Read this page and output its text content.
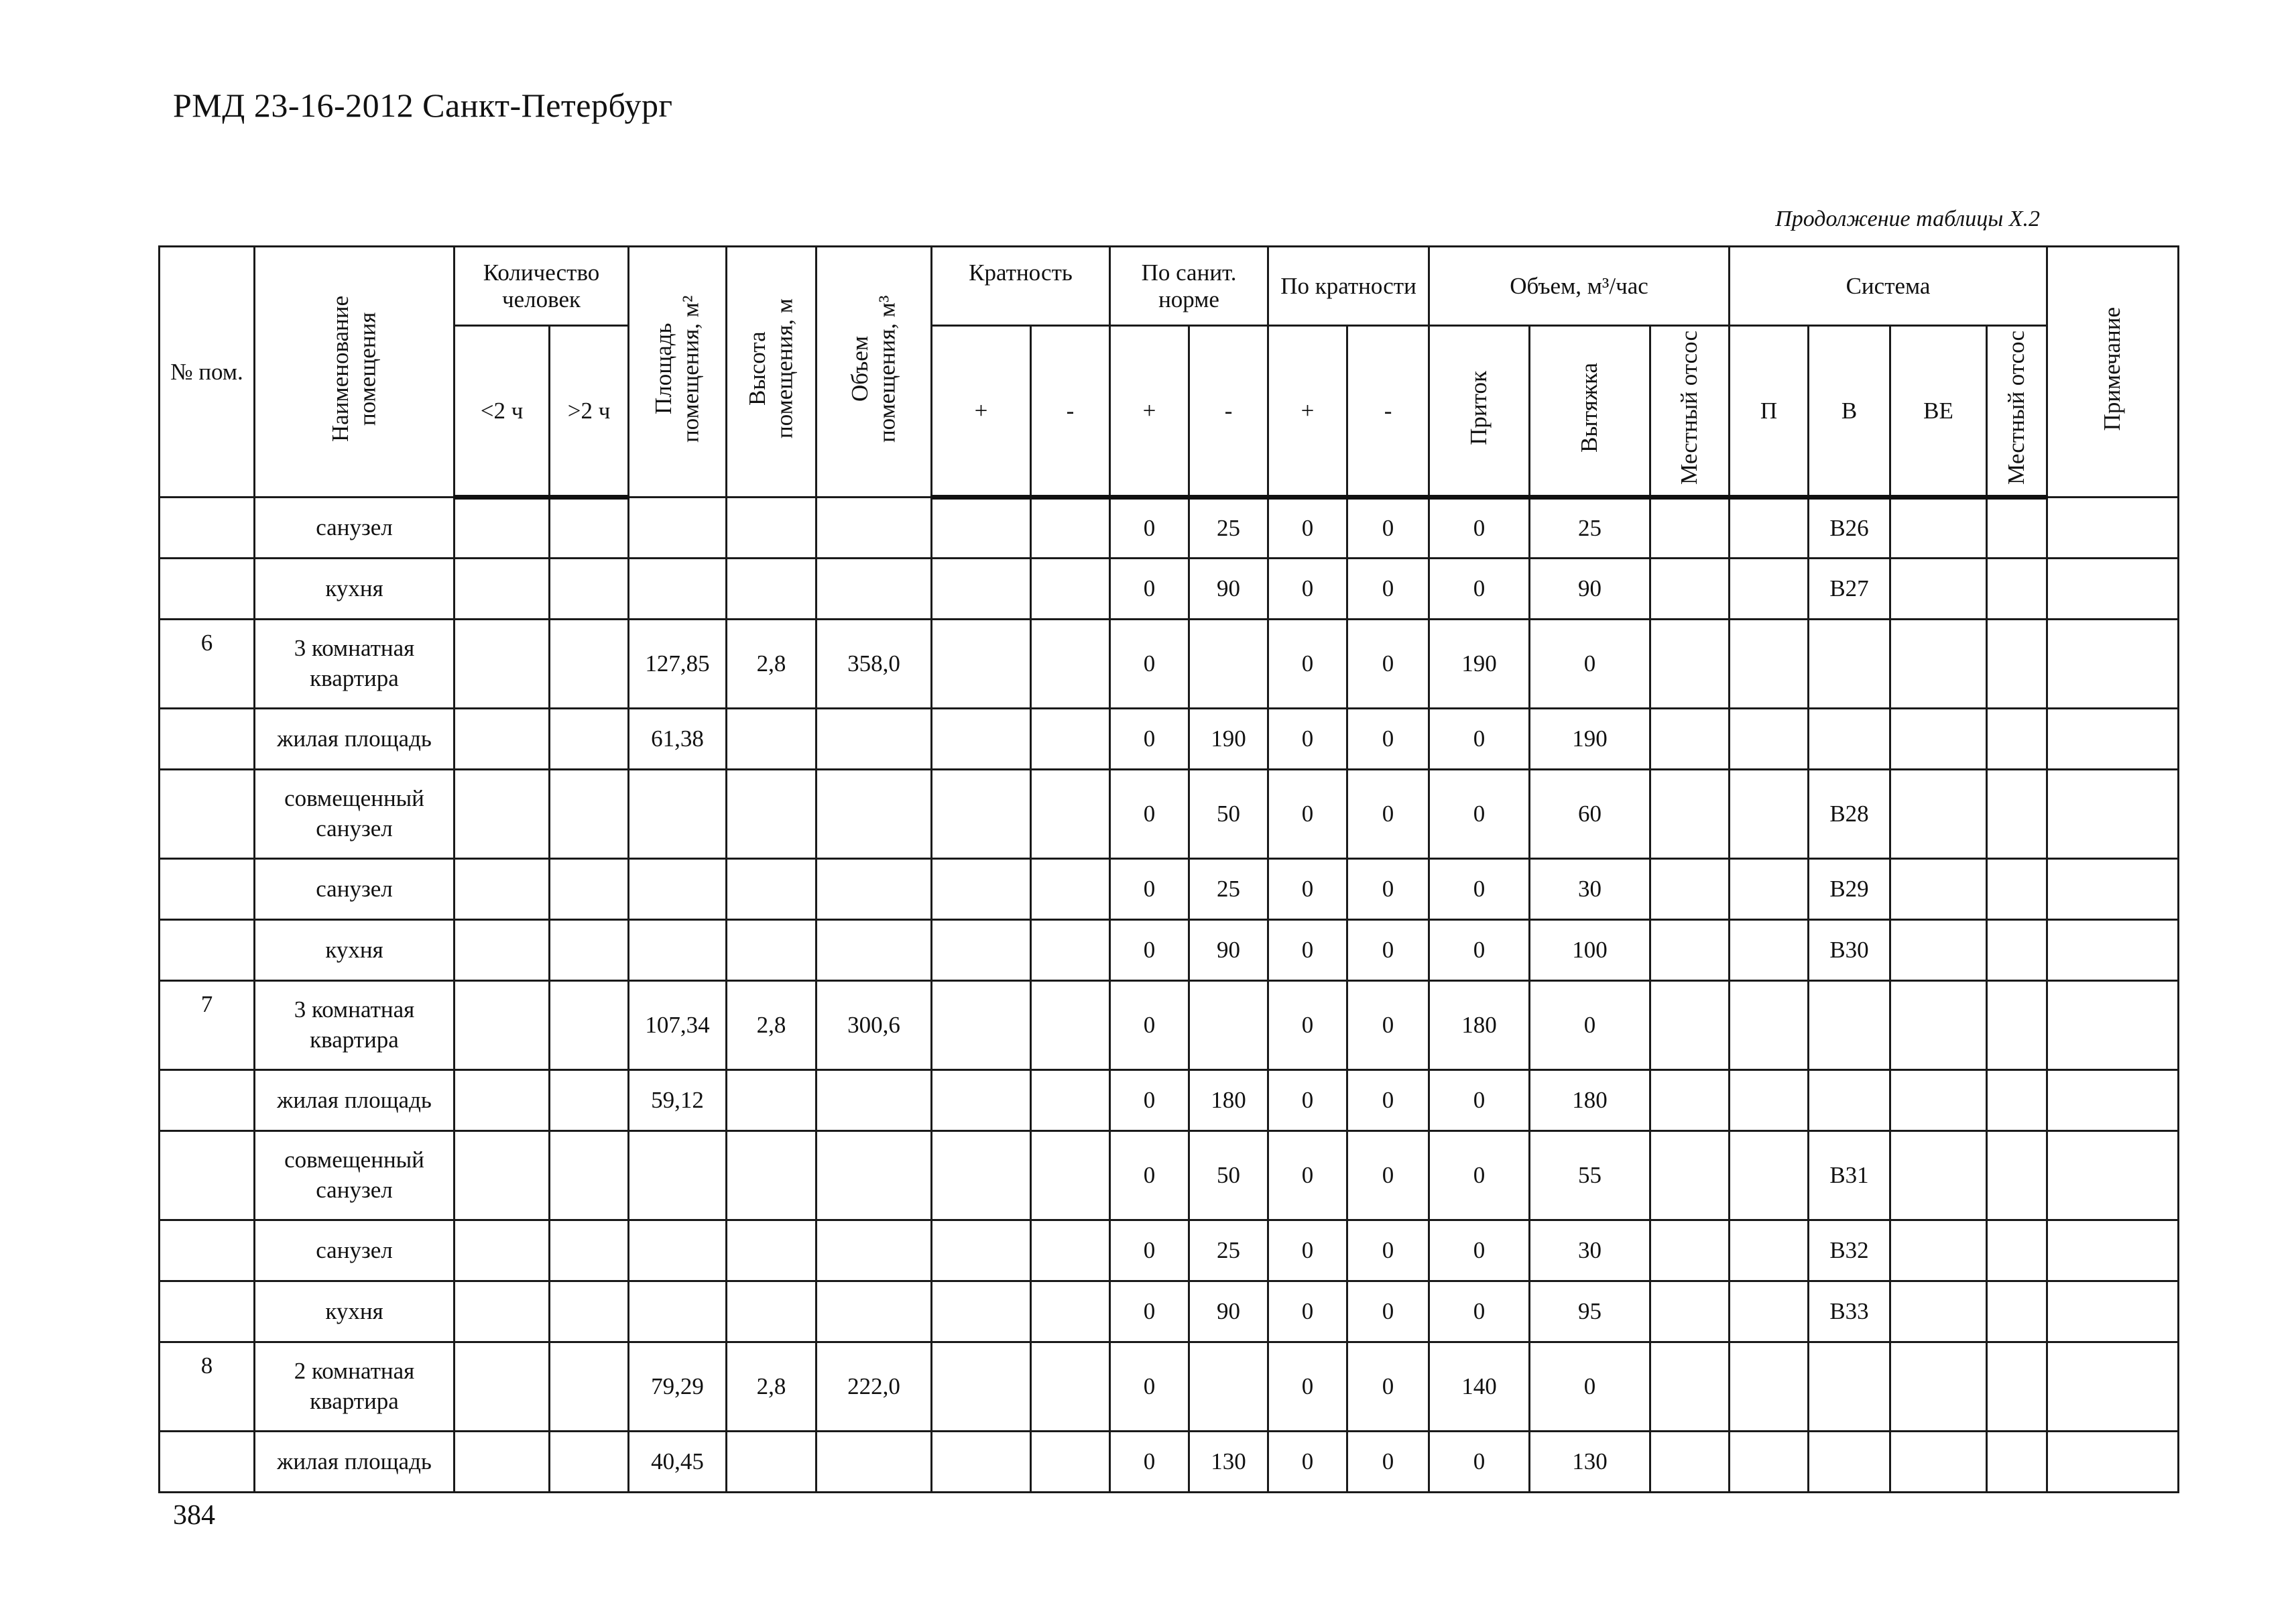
РМД 23-16-2012 Санкт-Петербург
Продолжение таблицы X.2
№ пом.	Наименование помещения	Количество человек		Площадь помещения, м²	Высота помещения, м	Объем помещения, м³	Кратность		По санит. норме		По кратности		Объем, м³/час			Система				Примечание
		<2 ч	>2 ч				+	-	+	-	+	-	Приток	Вытяжка	Местный отсос	П	В	ВЕ	Местный отсос	
	санузел								0	25	0	0	0	25			В26			
	кухня								0	90	0	0	0	90			В27			
6	3 комнатная квартира			127,85	2,8	358,0			0		0	0	190	0						
	жилая площадь			61,38					0	190	0	0	0	190						
	совмещенный санузел								0	50	0	0	0	60			В28			
	санузел								0	25	0	0	0	30			В29			
	кухня								0	90	0	0	0	100			В30			
7	3 комнатная квартира			107,34	2,8	300,6			0		0	0	180	0						
	жилая площадь			59,12					0	180	0	0	0	180						
	совмещенный санузел								0	50	0	0	0	55			В31			
	санузел								0	25	0	0	0	30			В32			
	кухня								0	90	0	0	0	95			В33			
8	2 комнатная квартира			79,29	2,8	222,0			0		0	0	140	0						
	жилая площадь			40,45					0	130	0	0	0	130						
384
